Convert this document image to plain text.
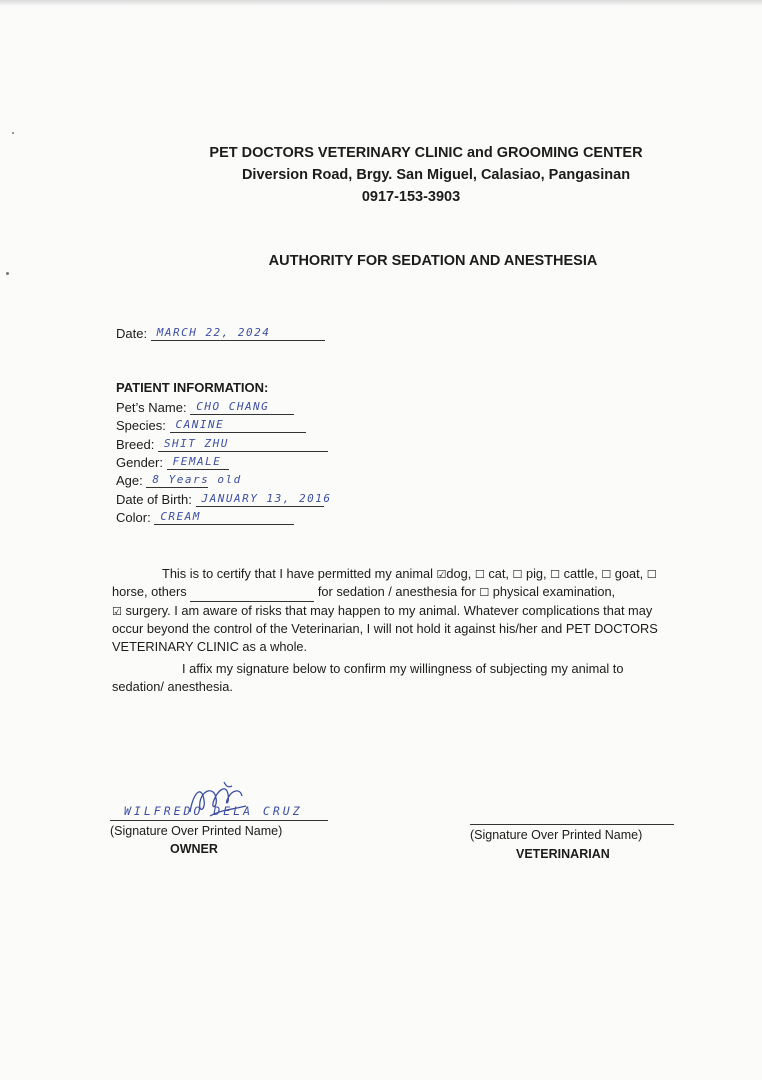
PET DOCTORS VETERINARY CLINIC and GROOMING CENTER
Diversion Road, Brgy. San Miguel, Calasiao, Pangasinan
0917-153-3903
AUTHORITY FOR SEDATION AND ANESTHESIA
Date: MARCH 22, 2024
PATIENT INFORMATION:
Pet’s Name: CHO CHANG
Species: CANINE
Breed: SHIT ZHU
Gender: FEMALE
Age: 8 Years old
Date of Birth: JANUARY 13, 2016
Color: CREAM
This is to certify that I have permitted my animal ☑dog, ☐ cat, ☐ pig, ☐ cattle, ☐ goat, ☐
horse, others	for sedation / anesthesia for ☐ physical examination,
☑ surgery. I am aware of risks that may happen to my animal. Whatever complications that may
occur beyond the control of the Veterinarian, I will not hold it against his/her and PET DOCTORS
VETERINARY CLINIC as a whole.
I affix my signature below to confirm my willingness of subjecting my animal to
sedation/ anesthesia.
WILFREDO DELA CRUZ
(Signature Over Printed Name)
OWNER
(Signature Over Printed Name)
VETERINARIAN
